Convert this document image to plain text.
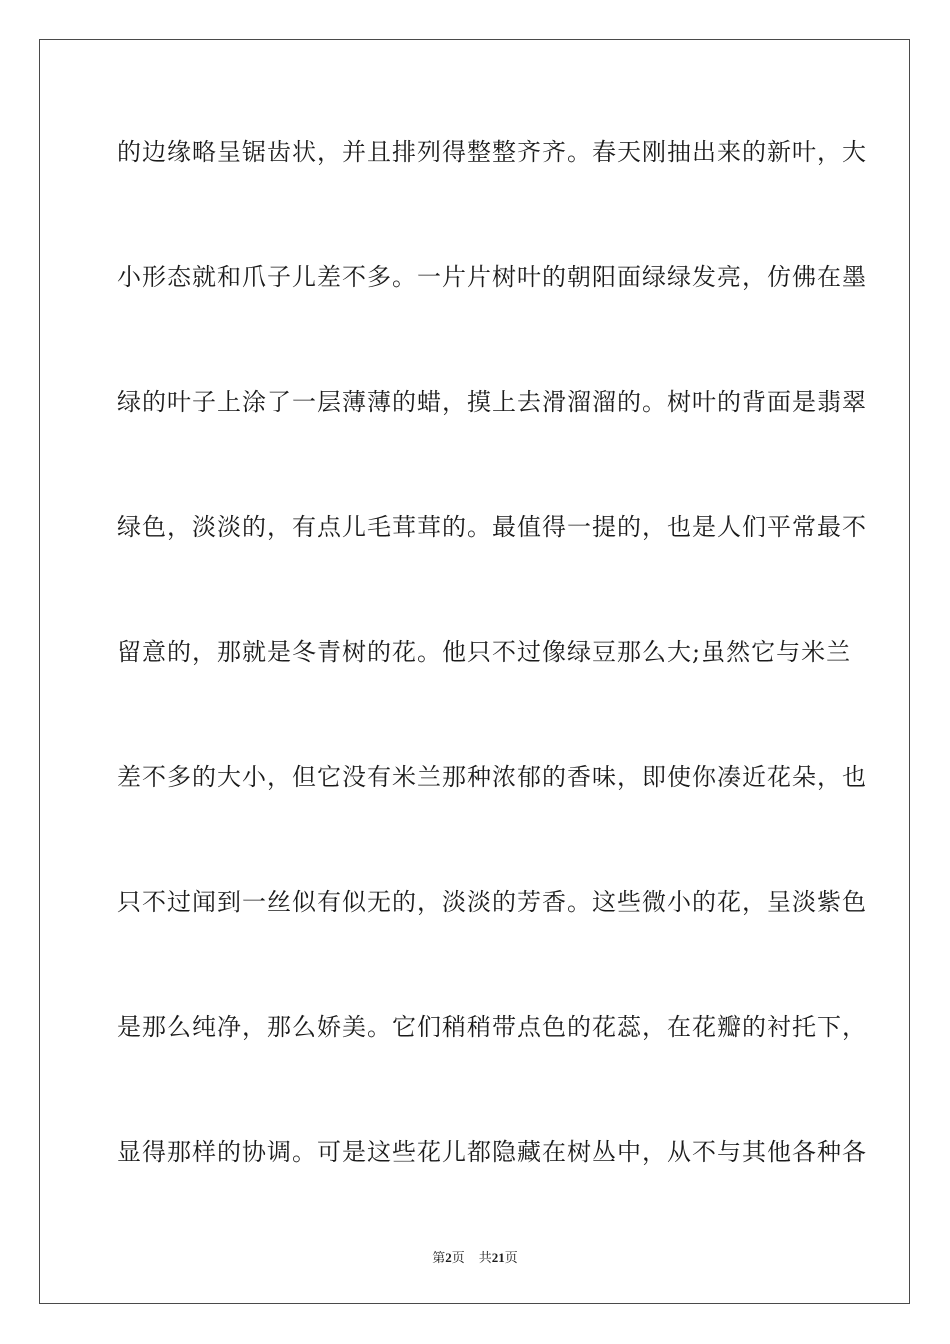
的边缘略呈锯齿状，并且排列得整整齐齐。春天刚抽出来的新叶，大
小形态就和爪子儿差不多。一片片树叶的朝阳面绿绿发亮，仿佛在墨
绿的叶子上涂了一层薄薄的蜡，摸上去滑溜溜的。树叶的背面是翡翠
绿色，淡淡的，有点儿毛茸茸的。最值得一提的，也是人们平常最不
留意的，那就是冬青树的花。他只不过像绿豆那么大;虽然它与米兰
差不多的大小，但它没有米兰那种浓郁的香味，即使你凑近花朵，也
只不过闻到一丝似有似无的，淡淡的芳香。这些微小的花，呈淡紫色
是那么纯净，那么娇美。它们稍稍带点色的花蕊，在花瓣的衬托下，
显得那样的协调。可是这些花儿都隐藏在树丛中，从不与其他各种各
第2页 共21页
